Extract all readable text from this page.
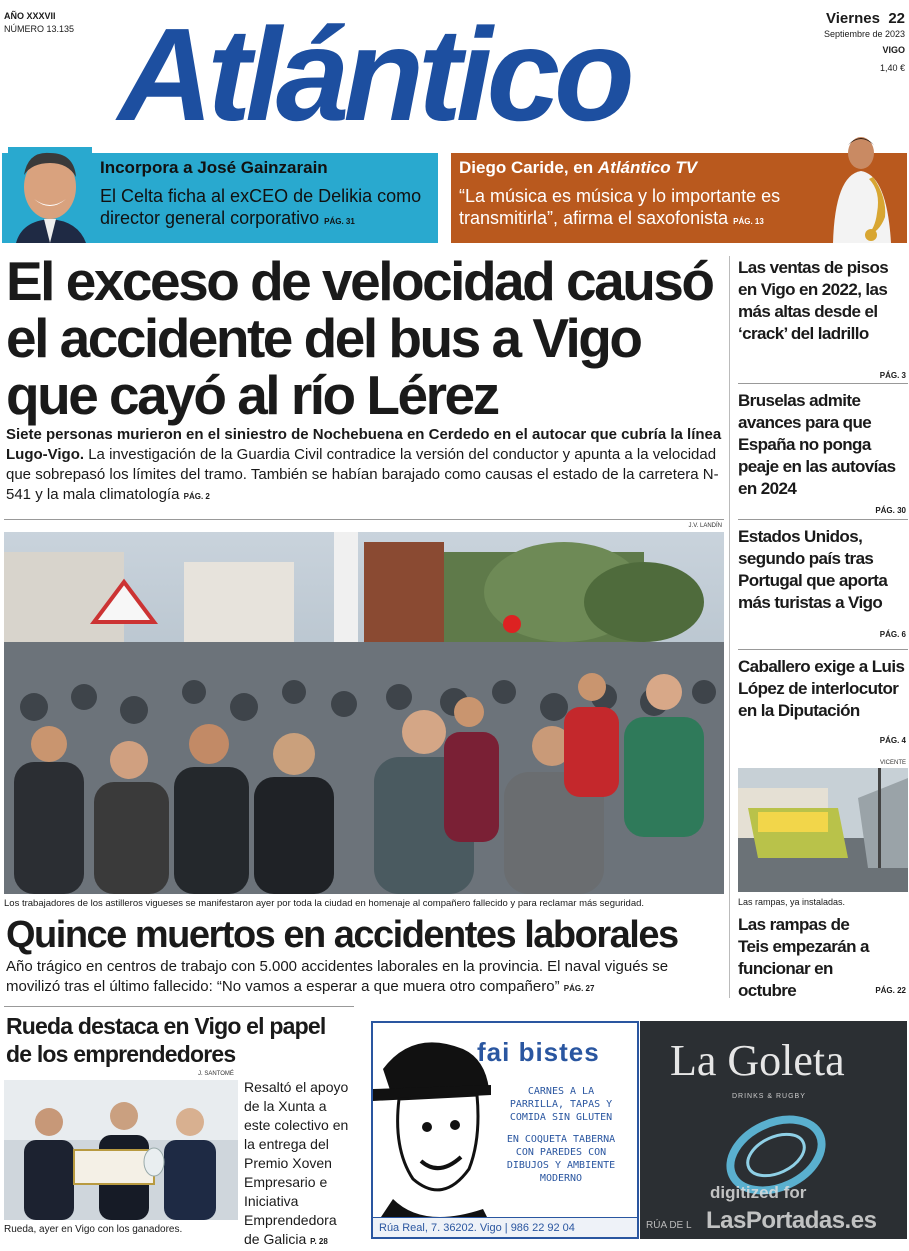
AÑO XXXVII
NÚMERO 13.135 Atlántico	Viernes 22
Septiembre de 2023
VIGO
1,40 €
Incorpora a José Gainzarain

El Celta ficha al exCEO de Delikia como director general corporativo PÁG. 31

Diego Caride, en Atlántico TV

“La música es música y lo importante es transmitirla”, afirma el saxofonista PÁG. 13

El exceso de velocidad causó el accidente del bus a Vigo que cayó al río Lérez
Siete personas murieron en el siniestro de Nochebuena en Cerdedo en el autocar que cubría la línea Lugo-Vigo. La investigación de la Guardia Civil contradice la versión del conductor y apunta a la velocidad que sobrepasó los límites del tramo. También se habían barajado como causas el estado de la carretera N-541 y la mala climatología PÁG. 2
J.V. LANDÍN
Los trabajadores de los astilleros vigueses se manifestaron ayer por toda la ciudad en homenaje al compañero fallecido y para reclamar más seguridad.
Quince muertos en accidentes laborales
Año trágico en centros de trabajo con 5.000 accidentes laborales en la provincia. El naval vigués se movilizó tras el último fallecido: “No vamos a esperar a que muera otro compañero” PÁG. 27
Rueda destaca en Vigo el papel de los emprendedores
J. SANTOMÉ
Rueda, ayer en Vigo con los ganadores.
Resaltó el apoyo de la Xunta a este colectivo en la entrega del Premio Xoven Empresario e Iniciativa Emprendedora de Galicia P. 28
fai bistes
CARNES A LA PARRILLA, TAPAS Y COMIDA SIN GLUTEN
EN COQUETA TABERNA CON PAREDES CON DIBUJOS Y AMBIENTE MODERNO
Rúa Real, 7. 36202. Vigo | 986 22 92 04
La Goleta
DRINKS & RUGBY
RÚA DE L
digitized for
LasPortadas.es
Las ventas de pisos en Vigo en 2022, las más altas desde el ‘crack’ del ladrillo
PÁG. 3
Bruselas admite avances para que España no ponga peaje en las autovías en 2024
PÁG. 30
Estados Unidos, segundo país tras Portugal que aporta más turistas a Vigo
PÁG. 6
Caballero exige a Luis López de interlocutor en la Diputación
PÁG. 4
VICENTE
Las rampas, ya instaladas.
Las rampas de Teis empezarán a funcionar en octubre	PÁG. 22
